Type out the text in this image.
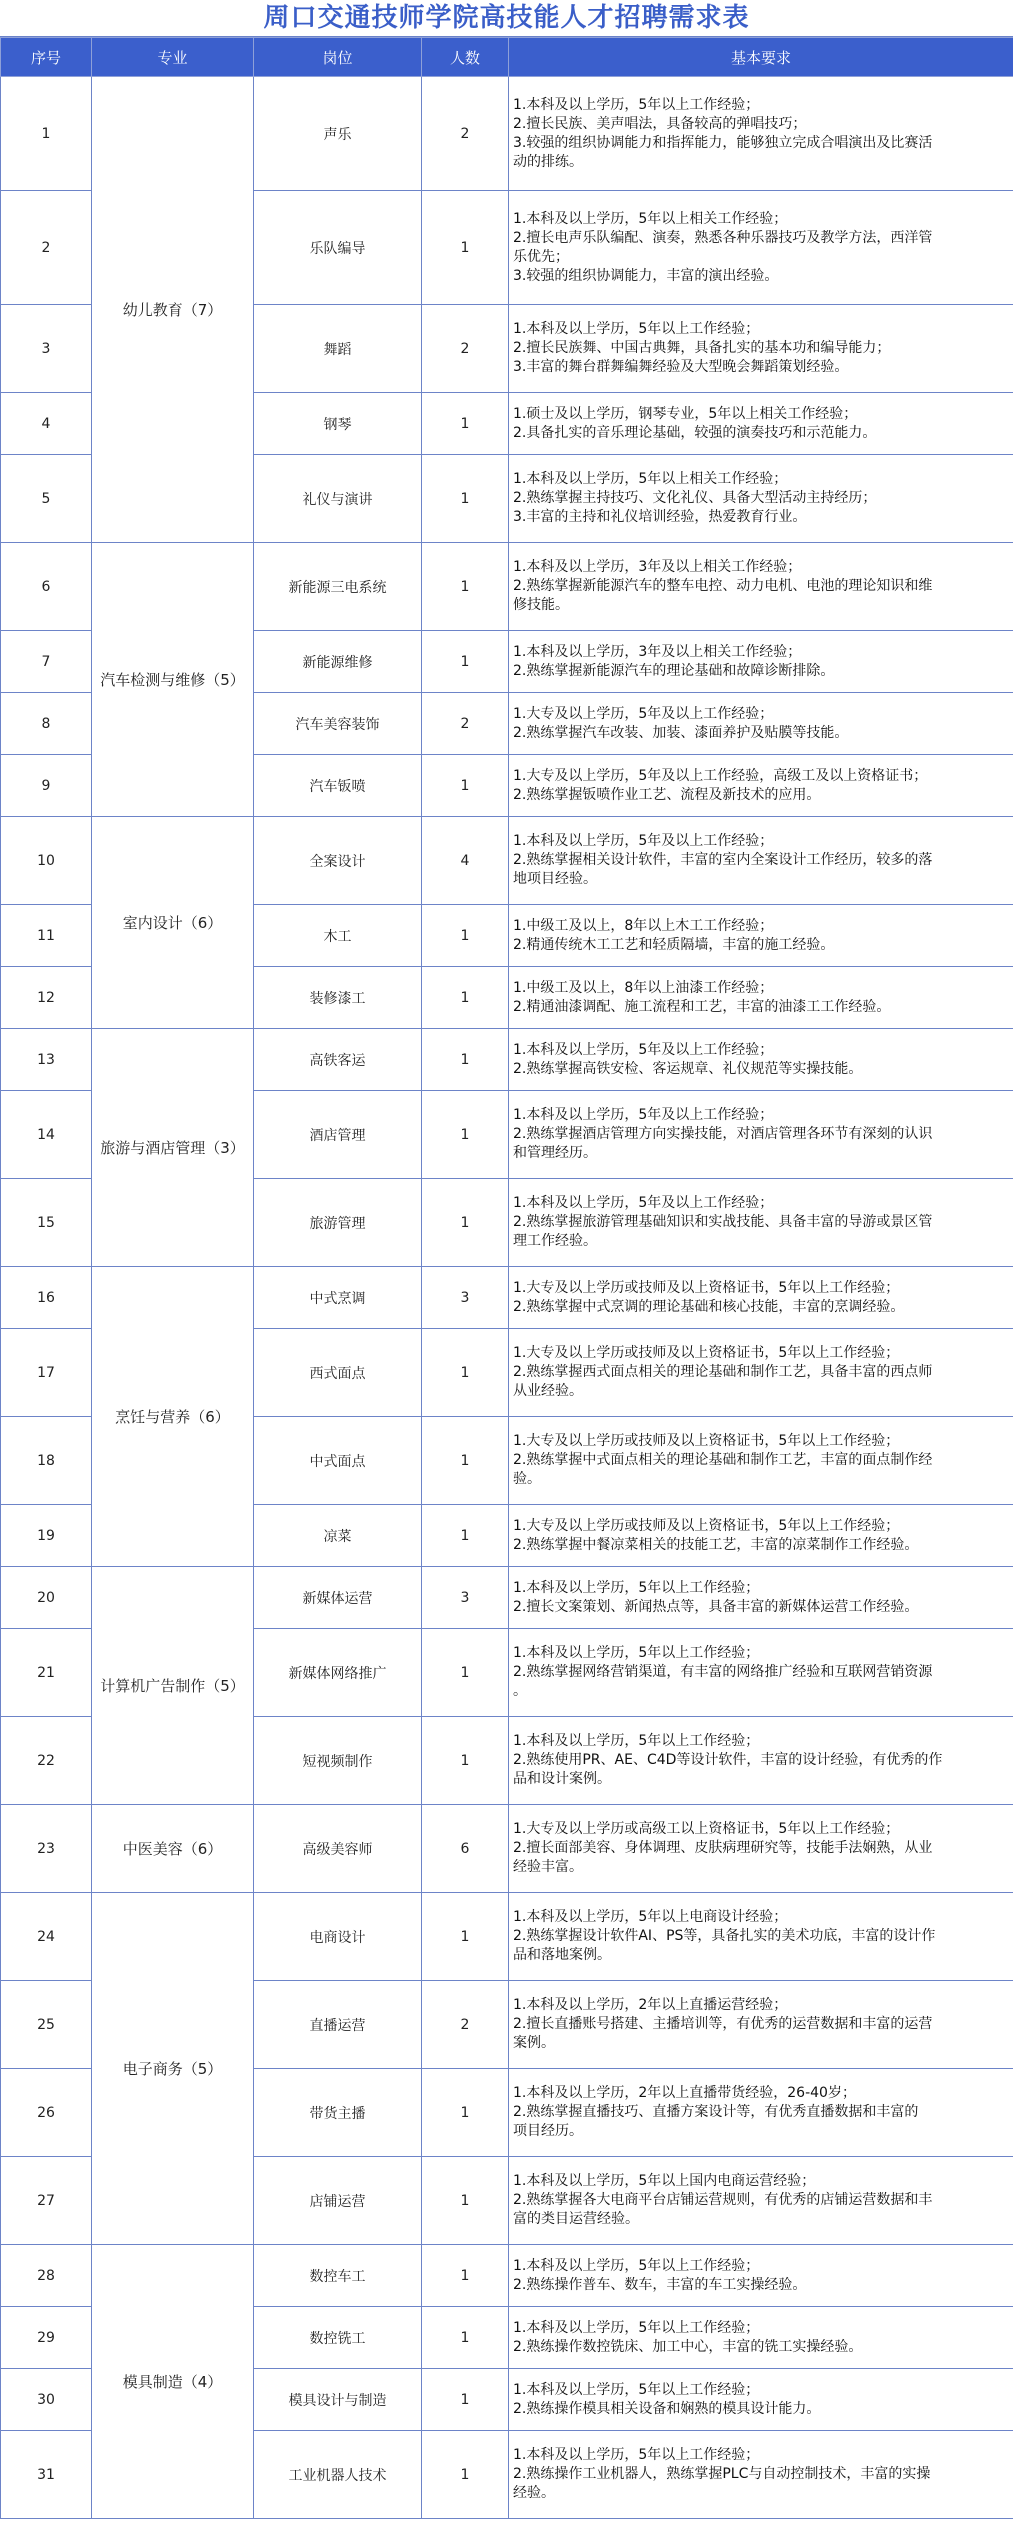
周口交通技师学院高技能人才招聘需求表
序号	专业	岗位	人数	基本要求
1	幼儿教育（7）	声乐	2	1.本科及以上学历，5年以上工作经验；
2.擅长民族、美声唱法，具备较高的弹唱技巧；
3.较强的组织协调能力和指挥能力，能够独立完成合唱演出及比赛活
动的排练。

2		乐队编导	1	1.本科及以上学历，5年以上相关工作经验；
2.擅长电声乐队编配、演奏，熟悉各种乐器技巧及教学方法，西洋管
乐优先；
3.较强的组织协调能力，丰富的演出经验。

3		舞蹈	2	1.本科及以上学历，5年以上工作经验；
2.擅长民族舞、中国古典舞，具备扎实的基本功和编导能力；
3.丰富的舞台群舞编舞经验及大型晚会舞蹈策划经验。

4		钢琴	1	1.硕士及以上学历，钢琴专业，5年以上相关工作经验；
2.具备扎实的音乐理论基础，较强的演奏技巧和示范能力。

5		礼仪与演讲	1	1.本科及以上学历，5年以上相关工作经验；
2.熟练掌握主持技巧、文化礼仪、具备大型活动主持经历；
3.丰富的主持和礼仪培训经验，热爱教育行业。

6	汽车检测与维修（5）	新能源三电系统	1	1.本科及以上学历，3年及以上相关工作经验；
2.熟练掌握新能源汽车的整车电控、动力电机、电池的理论知识和维
修技能。

7		新能源维修	1	1.本科及以上学历，3年及以上相关工作经验；
2.熟练掌握新能源汽车的理论基础和故障诊断排除。

8		汽车美容装饰	2	1.大专及以上学历，5年及以上工作经验；
2.熟练掌握汽车改装、加装、漆面养护及贴膜等技能。

9		汽车钣喷	1	1.大专及以上学历，5年及以上工作经验，高级工及以上资格证书；
2.熟练掌握钣喷作业工艺、流程及新技术的应用。

10	室内设计（6）	全案设计	4	1.本科及以上学历，5年及以上工作经验；
2.熟练掌握相关设计软件，丰富的室内全案设计工作经历，较多的落
地项目经验。

11		木工	1	1.中级工及以上，8年以上木工工作经验；
2.精通传统木工工艺和轻质隔墙，丰富的施工经验。

12		装修漆工	1	1.中级工及以上，8年以上油漆工作经验；
2.精通油漆调配、施工流程和工艺，丰富的油漆工工作经验。

13	旅游与酒店管理（3）	高铁客运	1	1.本科及以上学历，5年及以上工作经验；
2.熟练掌握高铁安检、客运规章、礼仪规范等实操技能。

14		酒店管理	1	1.本科及以上学历，5年及以上工作经验；
2.熟练掌握酒店管理方向实操技能，对酒店管理各环节有深刻的认识
和管理经历。

15		旅游管理	1	1.本科及以上学历，5年及以上工作经验；
2.熟练掌握旅游管理基础知识和实战技能、具备丰富的导游或景区管
理工作经验。

16	烹饪与营养（6）	中式烹调	3	1.大专及以上学历或技师及以上资格证书，5年以上工作经验；
2.熟练掌握中式烹调的理论基础和核心技能，丰富的烹调经验。

17		西式面点	1	1.大专及以上学历或技师及以上资格证书，5年以上工作经验；
2.熟练掌握西式面点相关的理论基础和制作工艺，具备丰富的西点师
从业经验。

18		中式面点	1	1.大专及以上学历或技师及以上资格证书，5年以上工作经验；
2.熟练掌握中式面点相关的理论基础和制作工艺，丰富的面点制作经
验。

19		凉菜	1	1.大专及以上学历或技师及以上资格证书，5年以上工作经验；
2.熟练掌握中餐凉菜相关的技能工艺，丰富的凉菜制作工作经验。

20	计算机广告制作（5）	新媒体运营	3	1.本科及以上学历，5年以上工作经验；
2.擅长文案策划、新闻热点等，具备丰富的新媒体运营工作经验。

21		新媒体网络推广	1	1.本科及以上学历，5年以上工作经验；
2.熟练掌握网络营销渠道，有丰富的网络推广经验和互联网营销资源
。

22		短视频制作	1	1.本科及以上学历，5年以上工作经验；
2.熟练使用PR、AE、C4D等设计软件，丰富的设计经验，有优秀的作
品和设计案例。

23	中医美容（6）	高级美容师	6	1.大专及以上学历或高级工以上资格证书，5年以上工作经验；
2.擅长面部美容、身体调理、皮肤病理研究等，技能手法娴熟，从业
经验丰富。

24	电子商务（5）	电商设计	1	1.本科及以上学历，5年以上电商设计经验；
2.熟练掌握设计软件AI、PS等，具备扎实的美术功底，丰富的设计作
品和落地案例。

25		直播运营	2	1.本科及以上学历，2年以上直播运营经验；
2.擅长直播账号搭建、主播培训等，有优秀的运营数据和丰富的运营
案例。

26		带货主播	1	1.本科及以上学历，2年以上直播带货经验，26-40岁；
2.熟练掌握直播技巧、直播方案设计等，有优秀直播数据和丰富的
项目经历。

27		店铺运营	1	1.本科及以上学历，5年以上国内电商运营经验；
2.熟练掌握各大电商平台店铺运营规则，有优秀的店铺运营数据和丰
富的类目运营经验。

28	模具制造（4）	数控车工	1	1.本科及以上学历，5年以上工作经验；
2.熟练操作普车、数车，丰富的车工实操经验。

29		数控铣工	1	1.本科及以上学历，5年以上工作经验；
2.熟练操作数控铣床、加工中心，丰富的铣工实操经验。

30		模具设计与制造	1	1.本科及以上学历，5年以上工作经验；
2.熟练操作模具相关设备和娴熟的模具设计能力。

31		工业机器人技术	1	1.本科及以上学历，5年以上工作经验；
2.熟练操作工业机器人，熟练掌握PLC与自动控制技术，丰富的实操
经验。
